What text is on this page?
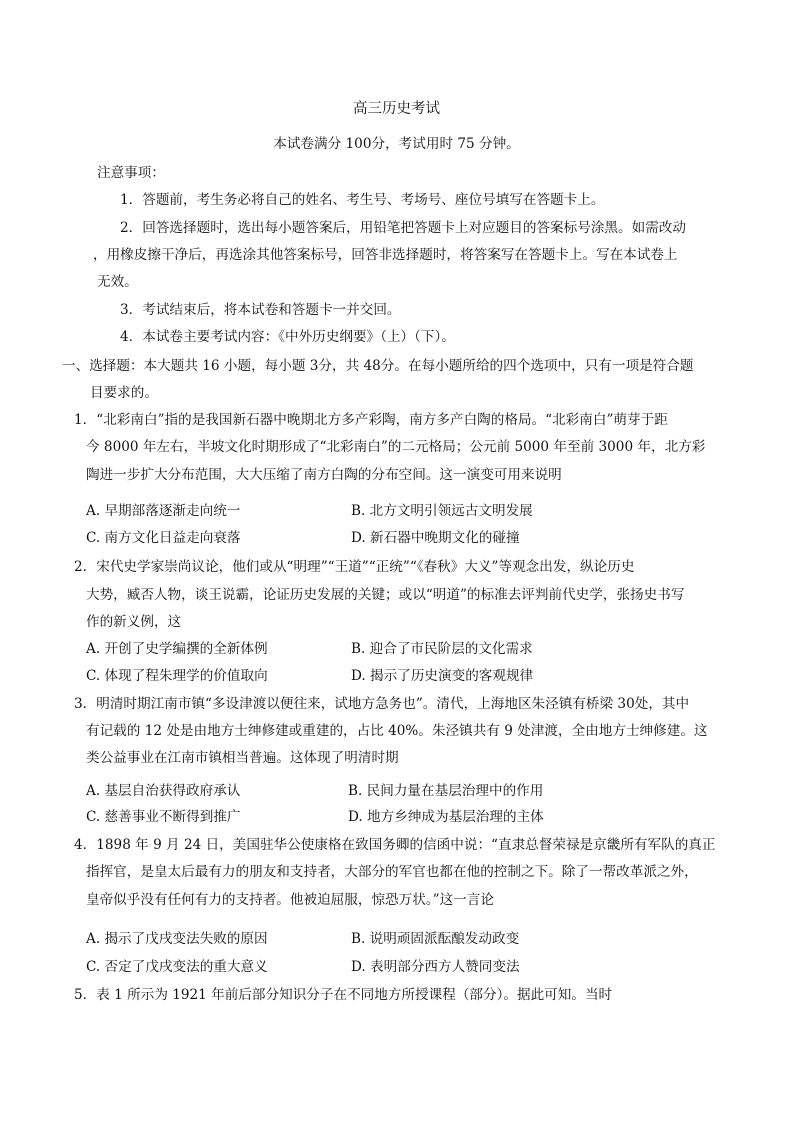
高三历史考试
本试卷满分 100分，考试用时 75 分钟。
注意事项：
1．答题前，考生务必将自己的姓名、考生号、考场号、座位号填写在答题卡上。
2．回答选择题时，选出每小题答案后，用铅笔把答题卡上对应题目的答案标号涂黑。如需改动
，用橡皮擦干净后，再选涂其他答案标号，回答非选择题时，将答案写在答题卡上。写在本试卷上
无效。
3．考试结束后，将本试卷和答题卡一并交回。
4．本试卷主要考试内容：《中外历史纲要》（上）（下）。
一、选择题：本大题共 16 小题，每小题 3分，共 48分。在每小题所给的四个选项中，只有一项是符合题
目要求的。
1．“北彩南白”指的是我国新石器中晚期北方多产彩陶，南方多产白陶的格局。“北彩南白”萌芽于距
今 8000 年左右，半坡文化时期形成了“北彩南白”的二元格局；公元前 5000 年至前 3000 年，北方彩
陶进一步扩大分布范围，大大压缩了南方白陶的分布空间。这一演变可用来说明
A. 早期部落逐渐走向统一	B. 北方文明引领远古文明发展
C. 南方文化日益走向衰落	D. 新石器中晚期文化的碰撞
2．宋代史学家崇尚议论，他们或从“明理”“王道”“正统”“《春秋》大义”等观念出发，纵论历史
大势，臧否人物，谈王说霸，论证历史发展的关键；或以“明道”的标准去评判前代史学，张扬史书写
作的新义例，这
A. 开创了史学编撰的全新体例	B. 迎合了市民阶层的文化需求
C. 体现了程朱理学的价值取向	D. 揭示了历史演变的客观规律
3．明清时期江南市镇“多设津渡以便往来，试地方急务也”。清代，上海地区朱泾镇有桥梁 30处，其中
有记载的 12 处是由地方士绅修建或重建的，占比 40%。朱泾镇共有 9 处津渡，全由地方士绅修建。这
类公益事业在江南市镇相当普遍。这体现了明清时期
A. 基层自治获得政府承认	B. 民间力量在基层治理中的作用
C. 慈善事业不断得到推广	D. 地方乡绅成为基层治理的主体
4．1898 年 9 月 24 日，美国驻华公使康格在致国务卿的信函中说：“直隶总督荣禄是京畿所有军队的真正
指挥官，是皇太后最有力的朋友和支持者，大部分的军官也都在他的控制之下。除了一帮改革派之外，
皇帝似乎没有任何有力的支持者。他被迫屈服，惊恐万状。”这一言论
A. 揭示了戊戌变法失败的原因	B. 说明顽固派酝酿发动政变
C. 否定了戊戌变法的重大意义	D. 表明部分西方人赞同变法
5．表 1 所示为 1921 年前后部分知识分子在不同地方所授课程（部分）。据此可知。当时
